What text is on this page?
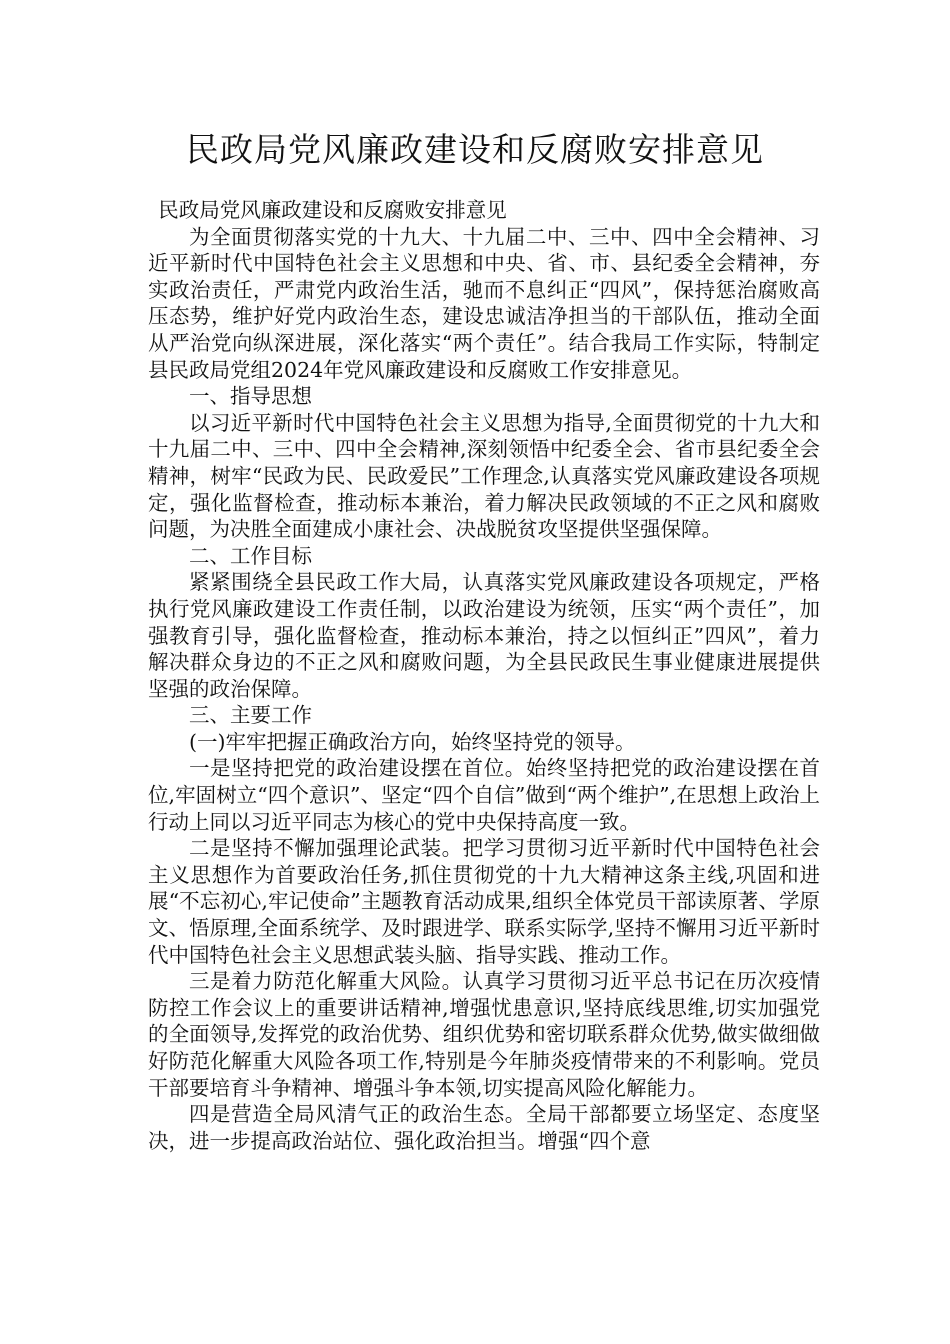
民政局党风廉政建设和反腐败安排意见

民政局党风廉政建设和反腐败安排意见

为全面贯彻落实党的十九大、十九届二中、三中、四中全会精神、习近平新时代中国特色社会主义思想和中央、省、市、县纪委全会精神，夯实政治责任，严肃党内政治生活，驰而不息纠正“四风”，保持惩治腐败高压态势，维护好党内政治生态，建设忠诚洁净担当的干部队伍，推动全面从严治党向纵深进展，深化落实“两个责任”。结合我局工作实际，特制定县民政局党组2024年党风廉政建设和反腐败工作安排意见。

一、指导思想

以习近平新时代中国特色社会主义思想为指导,全面贯彻党的十九大和十九届二中、三中、四中全会精神,深刻领悟中纪委全会、省市县纪委全会精神，树牢“民政为民、民政爱民”工作理念,认真落实党风廉政建设各项规定，强化监督检查，推动标本兼治，着力解决民政领域的不正之风和腐败问题，为决胜全面建成小康社会、决战脱贫攻坚提供坚强保障。

二、工作目标

紧紧围绕全县民政工作大局，认真落实党风廉政建设各项规定，严格执行党风廉政建设工作责任制，以政治建设为统领，压实“两个责任”，加强教育引导，强化监督检查，推动标本兼治，持之以恒纠正”四风”，着力解决群众身边的不正之风和腐败问题，为全县民政民生事业健康进展提供坚强的政治保障。

三、主要工作

(一)牢牢把握正确政治方向，始终坚持党的领导。

一是坚持把党的政治建设摆在首位。始终坚持把党的政治建设摆在首位,牢固树立“四个意识”、坚定“四个自信”做到“两个维护”,在思想上政治上行动上同以习近平同志为核心的党中央保持高度一致。

二是坚持不懈加强理论武装。把学习贯彻习近平新时代中国特色社会主义思想作为首要政治任务,抓住贯彻党的十九大精神这条主线,巩固和进展“不忘初心,牢记使命”主题教育活动成果,组织全体党员干部读原著、学原文、悟原理,全面系统学、及时跟进学、联系实际学,坚持不懈用习近平新时代中国特色社会主义思想武装头脑、指导实践、推动工作。

三是着力防范化解重大风险。认真学习贯彻习近平总书记在历次疫情防控工作会议上的重要讲话精神,增强忧患意识,坚持底线思维,切实加强党的全面领导,发挥党的政治优势、组织优势和密切联系群众优势,做实做细做好防范化解重大风险各项工作,特别是今年肺炎疫情带来的不利影响。党员干部要培育斗争精神、增强斗争本领,切实提高风险化解能力。

四是营造全局风清气正的政治生态。全局干部都要立场坚定、态度坚决，进一步提高政治站位、强化政治担当。增强“四个意
